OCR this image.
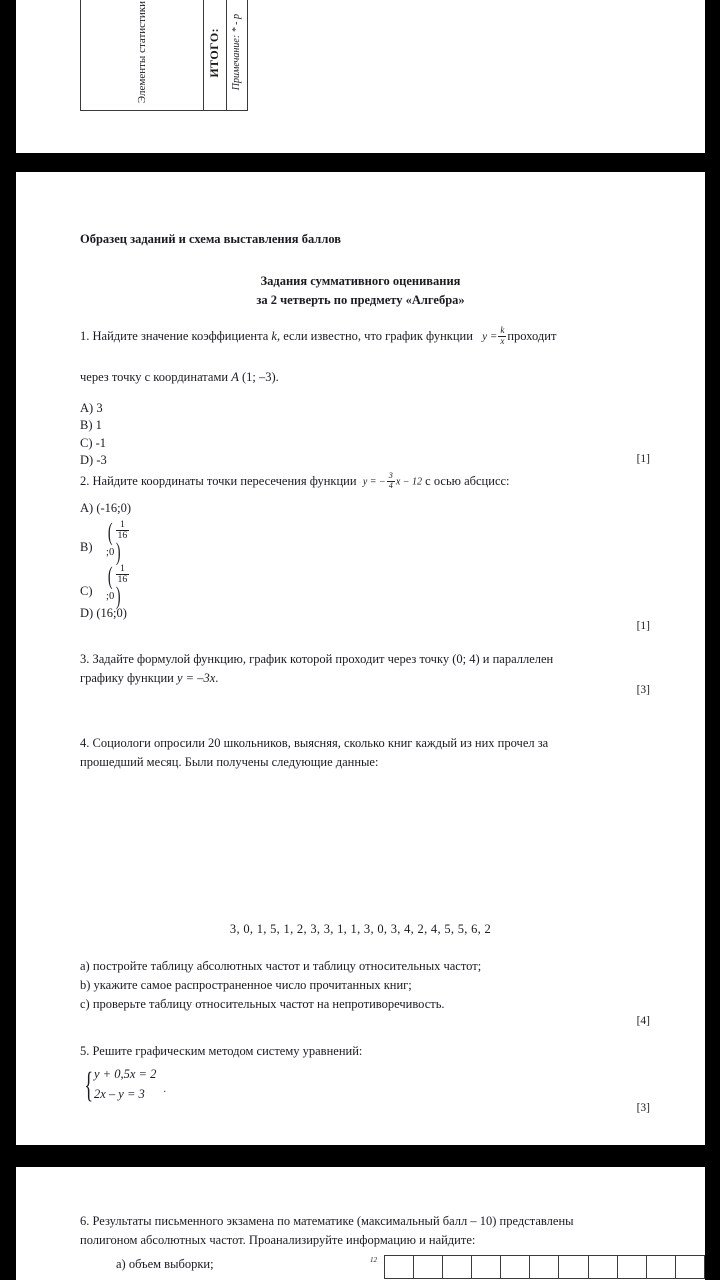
Элементы статистики							ИТОГО:	Примечание: * - р
Образец заданий и схема выставления баллов
Задания суммативного оценивания
за 2 четверть по предмету «Алгебра»
1. Найдите значение коэффициента k, если известно, что график функции $y = \frac{k}{x}$ проходит
через точку с координатами A (1; –3).
A) 3
B) 1
C) -1
D) -3	[1]
2. Найдите координаты точки пересечения функции y = − $\frac{3}{4}$ x − 12 с осью абсцисс:
A) (-16;0)
B)
( $\frac{1}{16}$
;0)
C)
( $\frac{1}{16}$
;0)
D) (16;0)
[1]
3. Задайте формулой функцию, график которой проходит через точку (0; 4) и параллелен
графику функции y = –3x.
[3]
4. Социологи опросили 20 школьников, выясняя, сколько книг каждый из них прочел за
прошедший месяц. Были получены следующие данные:
3, 0, 1, 5, 1, 2, 3, 3, 1, 1, 3, 0, 3, 4, 2, 4, 5, 5, 6, 2
a) постройте таблицу абсолютных частот и таблицу относительных частот;
b) укажите самое распространенное число прочитанных книг;
c) проверьте таблицу относительных частот на непротиворечивость.
[4]
5. Решите графическим методом систему уравнений:
{ y + 0,5x = 2
2x – y = 3	.
[3]
6. Результаты письменного экзамена по математике (максимальный балл – 10) представлены
полигоном абсолютных частот. Проанализируйте информацию и найдите:
a) объем выборки;	12
